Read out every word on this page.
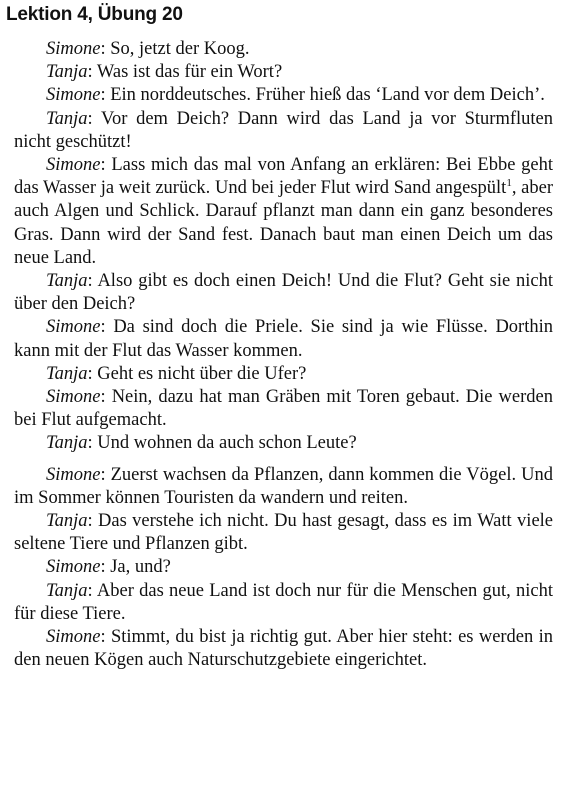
Lektion 4, Übung 20

Simone: So, jetzt der Koog.

Tanja: Was ist das für ein Wort?

Simone: Ein norddeutsches. Früher hieß das ‘Land vor dem Deich’.

Tanja: Vor dem Deich? Dann wird das Land ja vor Sturmfluten nicht geschützt!

Simone: Lass mich das mal von Anfang an erklären: Bei Ebbe geht das Wasser ja weit zurück. Und bei jeder Flut wird Sand angespült$^1$, aber auch Algen und Schlick. Darauf pflanzt man dann ein ganz besonderes Gras. Dann wird der Sand fest. Danach baut man einen Deich um das neue Land.

Tanja: Also gibt es doch einen Deich! Und die Flut? Geht sie nicht über den Deich?

Simone: Da sind doch die Priele. Sie sind ja wie Flüsse. Dorthin kann mit der Flut das Wasser kommen.

Tanja: Geht es nicht über die Ufer?

Simone: Nein, dazu hat man Gräben mit Toren gebaut. Die werden bei Flut aufgemacht.

Tanja: Und wohnen da auch schon Leute?

Simone: Zuerst wachsen da Pflanzen, dann kommen die Vögel. Und im Sommer können Touristen da wandern und reiten.

Tanja: Das verstehe ich nicht. Du hast gesagt, dass es im Watt viele seltene Tiere und Pflanzen gibt.

Simone: Ja, und?

Tanja: Aber das neue Land ist doch nur für die Menschen gut, nicht für diese Tiere.

Simone: Stimmt, du bist ja richtig gut. Aber hier steht: es werden in den neuen Kögen auch Naturschutzgebiete eingerichtet.
